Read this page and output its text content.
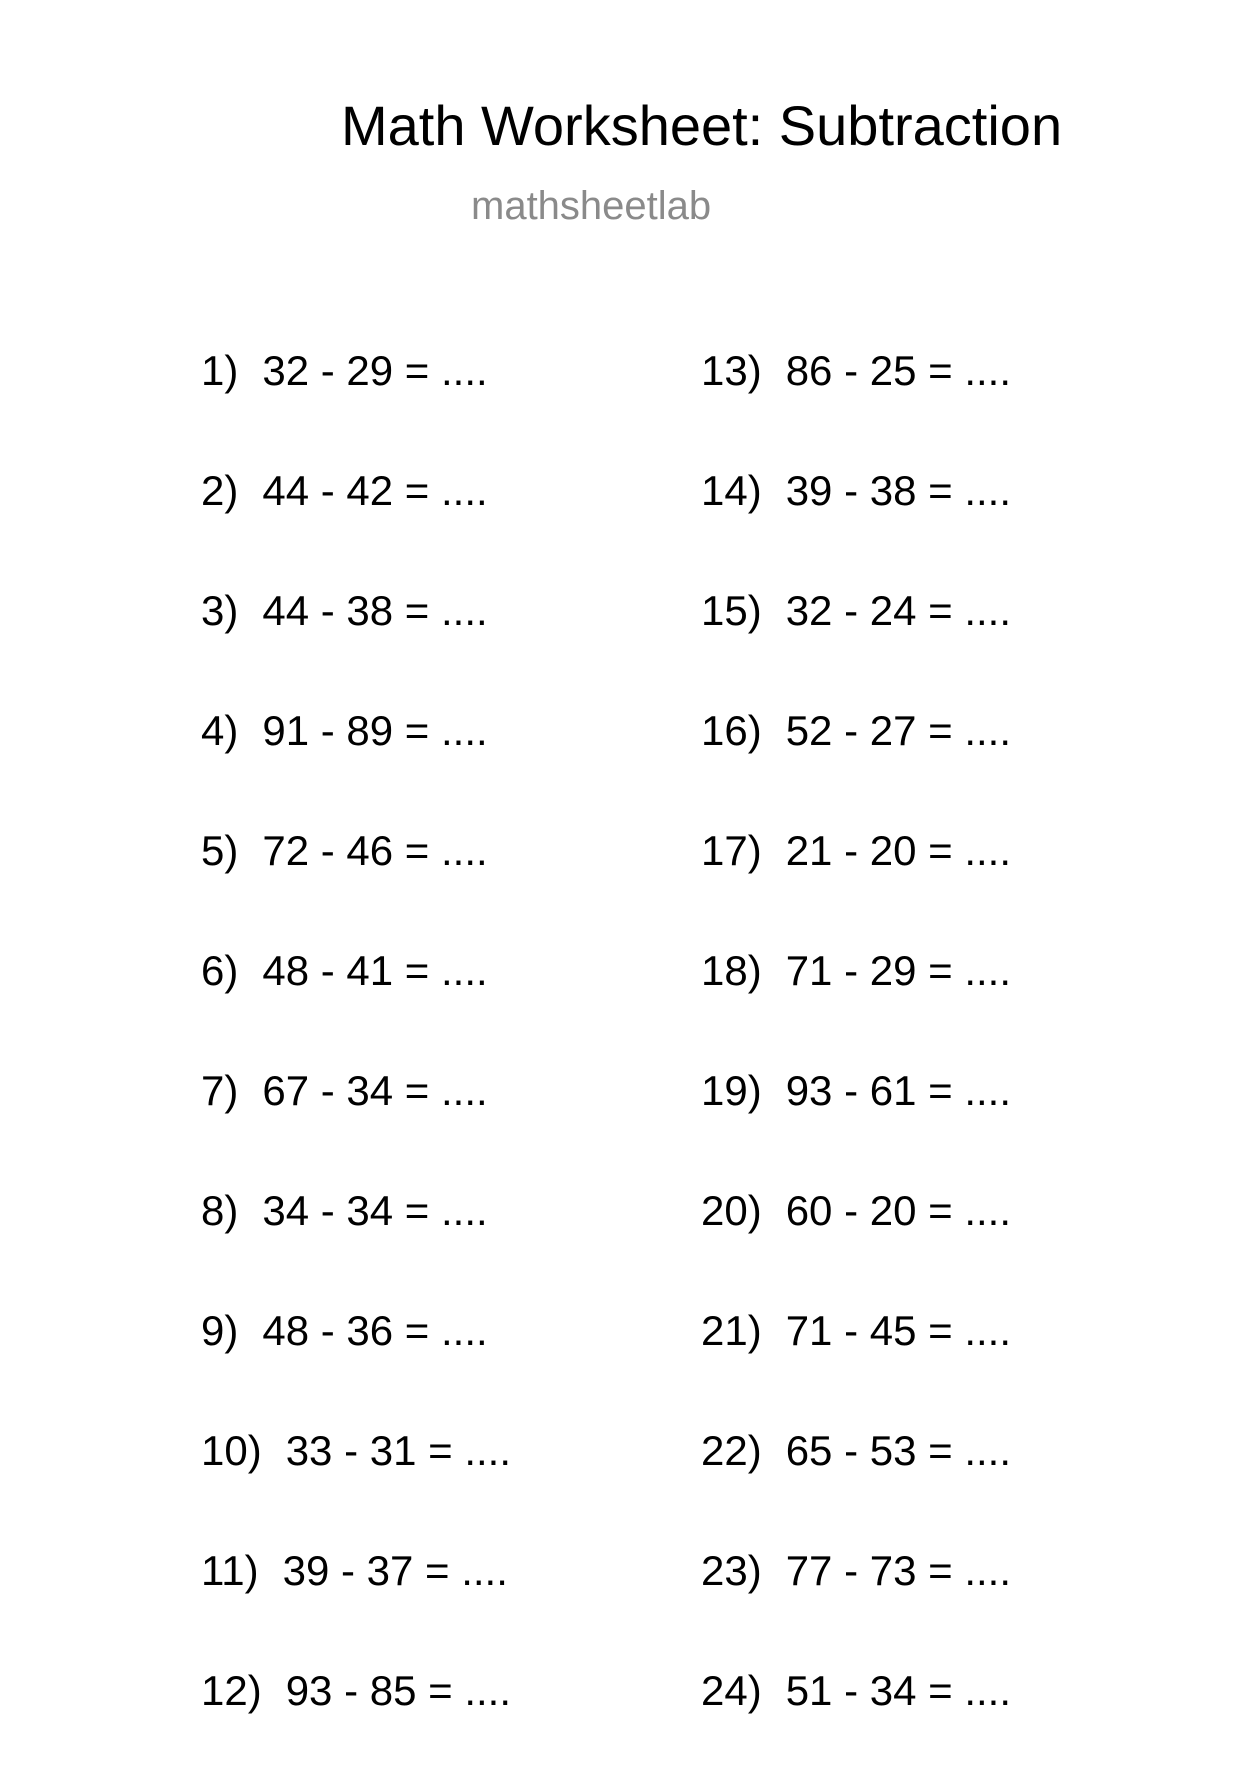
Math Worksheet: Subtraction
mathsheetlab
1) 32 - 29 = ....
2) 44 - 42 = ....
3) 44 - 38 = ....
4) 91 - 89 = ....
5) 72 - 46 = ....
6) 48 - 41 = ....
7) 67 - 34 = ....
8) 34 - 34 = ....
9) 48 - 36 = ....
10) 33 - 31 = ....
11) 39 - 37 = ....
12) 93 - 85 = ....
13) 86 - 25 = ....
14) 39 - 38 = ....
15) 32 - 24 = ....
16) 52 - 27 = ....
17) 21 - 20 = ....
18) 71 - 29 = ....
19) 93 - 61 = ....
20) 60 - 20 = ....
21) 71 - 45 = ....
22) 65 - 53 = ....
23) 77 - 73 = ....
24) 51 - 34 = ....
